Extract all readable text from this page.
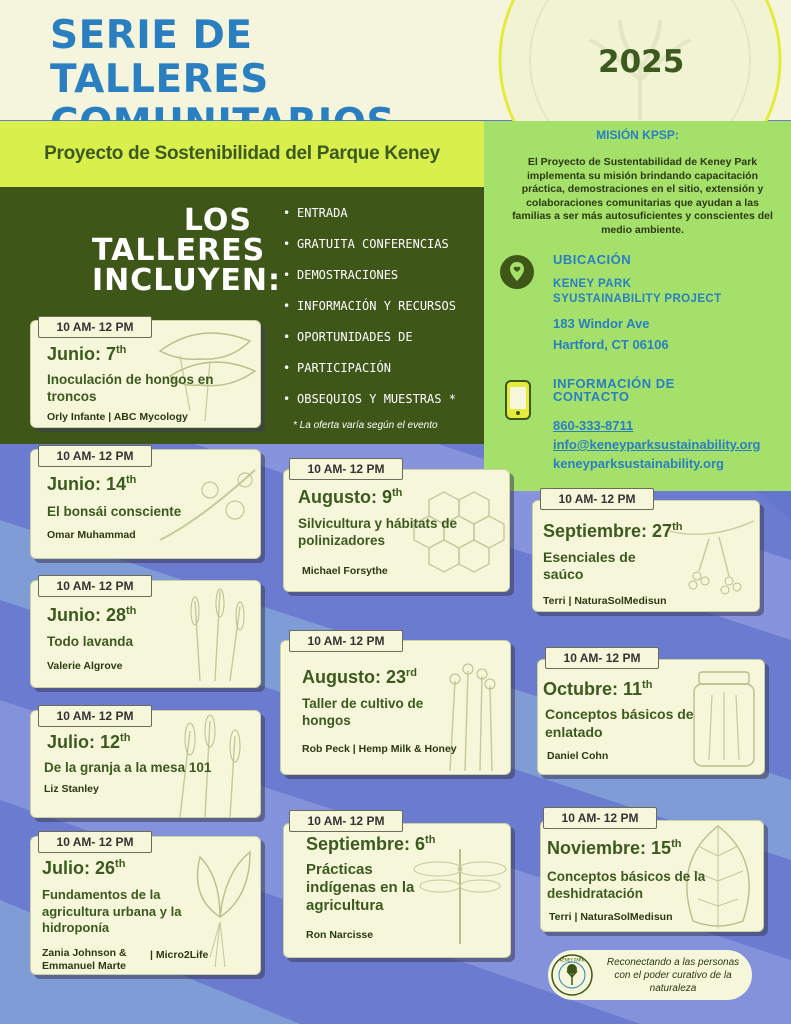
SERIE DE TALLERES	2025
Proyecto de Sostenibilidad del Parque Keney
LOS
TALLERES
INCLUYEN:
• ENTRADA
• GRATUITA CONFERENCIAS
• DEMOSTRACIONES
• INFORMACIÓN Y RECURSOS
• OPORTUNIDADES DE
• PARTICIPACIÓN
• OBSEQUIOS Y MUESTRAS *
* La oferta varía según el evento
MISIÓN KPSP:
El Proyecto de Sustentabilidad de Keney Park implementa su misión brindando capacitación práctica, demostraciones en el sitio, extensión y colaboraciones comunitarias que ayudan a las familias a ser más autosuficientes y conscientes del medio ambiente.
UBICACIÓN
KENEY PARK
SYUSTAINABILITY PROJECT
183 Windor Ave
Hartford, CT 06106
INFORMACIÓN DE
CONTACTO
860-333-8711
info@keneyparksustainability.org
keneyparksustainability.org
10 AM- 12 PM
Junio: 7th
Inoculación de hongos en troncos
Orly Infante | ABC Mycology
10 AM- 12 PM
Junio: 14th
El bonsái consciente
Omar Muhammad
10 AM- 12 PM
Junio: 28th
Todo lavanda
Valerie Algrove
10 AM- 12 PM
Julio: 12th
De la granja a la mesa 101
Liz Stanley
10 AM- 12 PM
Julio: 26th
Fundamentos de la agricultura urbana y la hidroponía
Zania Johnson &
Emmanuel Marte
| Micro2Life
10 AM- 12 PM
Augusto: 9th
Silvicultura y hábitats de polinizadores
Michael Forsythe
10 AM- 12 PM
Augusto: 23rd
Taller de cultivo de hongos
Rob Peck | Hemp Milk & Honey
10 AM- 12 PM
Septiembre: 6th
Prácticas indígenas en la agricultura
Ron Narcisse
10 AM- 12 PM
Septiembre: 27th
Esenciales de saúco
Terri | NaturaSolMedisun
10 AM- 12 PM
Octubre: 11th
Conceptos básicos de enlatado
Daniel Cohn
10 AM- 12 PM
Noviembre: 15th
Conceptos básicos de la deshidratación
Terri | NaturaSolMedisun
KENEY PARK	Reconectando a las personas con el poder curativo de la naturaleza
